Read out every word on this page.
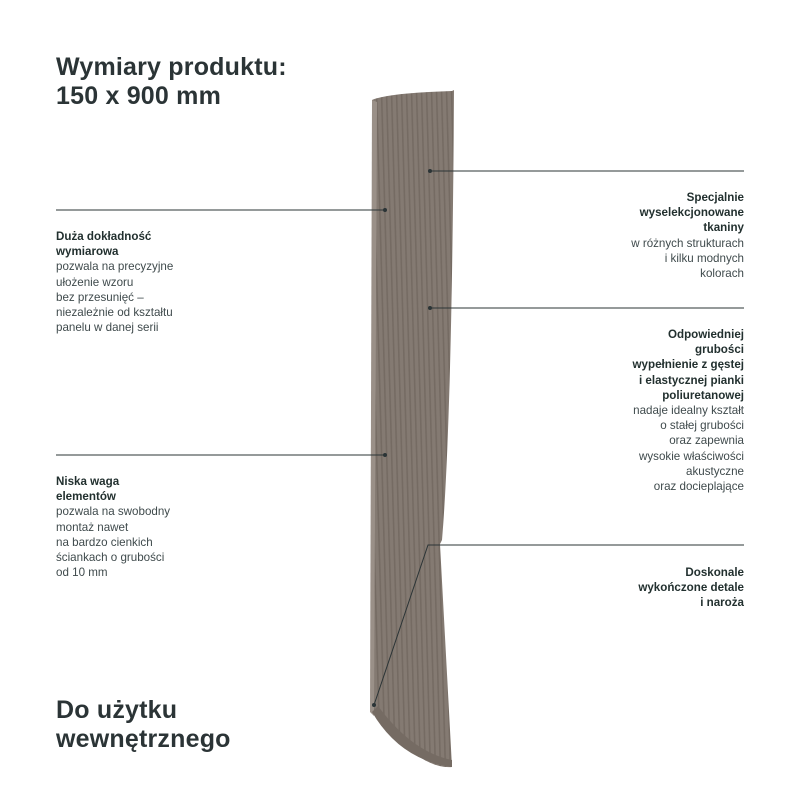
Wymiary produktu:
150 x 900 mm
Duża dokładność
wymiarowa
pozwala na precyzyjne
ułożenie wzoru
bez przesunięć –
niezależnie od kształtu
panelu w danej serii
Niska waga
elementów
pozwala na swobodny
montaż nawet
na bardzo cienkich
ściankach o grubości
od 10 mm
Specjalnie
wyselekcjonowane
tkaniny
w różnych strukturach
i kilku modnych
kolorach
Odpowiedniej
grubości
wypełnienie z gęstej
i elastycznej pianki
poliuretanowej
nadaje idealny kształt
o stałej grubości
oraz zapewnia
wysokie właściwości
akustyczne
oraz docieplające
Doskonale
wykończone detale
i naroża
Do użytku
wewnętrznego
